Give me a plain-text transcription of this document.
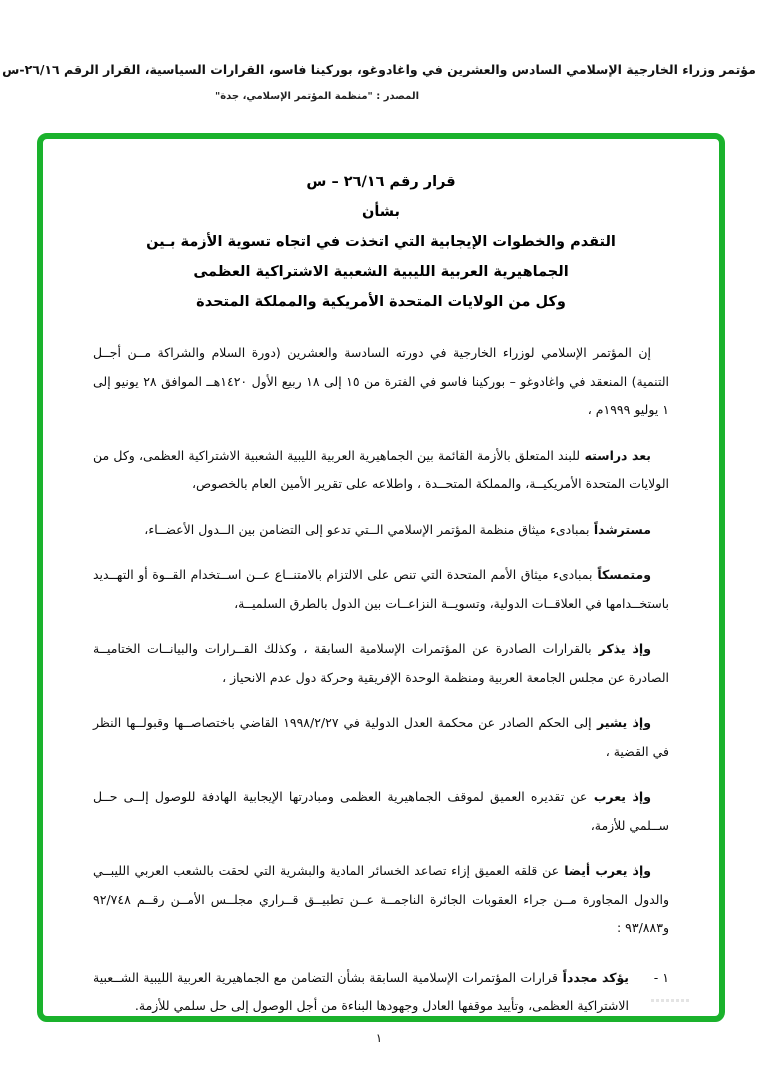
مؤتمر وزراء الخارجية الإسلامي السادس والعشرين في واغادوغو، بوركينا فاسو، القرارات السياسية، القرار الرقم ٢٦/١٦-س
المصدر : "منظمة المؤتمر الإسلامي، جدة"
قرار رقم ٢٦/١٦ – س
بشأن
التقدم والخطوات الإيجابية التي اتخذت في اتجاه تسوية الأزمة بـين
الجماهيرية العربية الليبية الشعبية الاشتراكية العظمى
وكل من الولايات المتحدة الأمريكية والمملكة المتحدة

إن المؤتمر الإسلامي لوزراء الخارجية في دورته السادسة والعشرين (دورة السلام والشراكة مــن أجــل التنمية) المنعقد في واغادوغو – بوركينا فاسو في الفترة من ١٥ إلى ١٨ ربيع الأول ١٤٢٠هــ الموافق ٢٨ يونيو إلى ١ يوليو ١٩٩٩م ،

بعد دراستهللبند المتعلق بالأزمة القائمة بين الجماهيرية العربية الليبية الشعبية الاشتراكية العظمى، وكل من الولايات المتحدة الأمريكيــة، والمملكة المتحــدة ، واطلاعه على تقرير الأمين العام بالخصوص،

مسترشداًبمبادىء ميثاق منظمة المؤتمر الإسلامي الــتي تدعو إلى التضامن بين الــدول الأعضــاء،

ومتمسكاًبمبادىء ميثاق الأمم المتحدة التي تنص على الالتزام بالامتنــاع عــن اســتخدام القــوة أو التهــديد باستخــدامها في العلاقــات الدولية، وتسويــة النزاعــات بين الدول بالطرق السلميــة،

وإذ يذكربالقرارات الصادرة عن المؤتمرات الإسلامية السابقة ، وكذلك القــرارات والبيانــات الختاميــة الصادرة عن مجلس الجامعة العربية ومنظمة الوحدة الإفريقية وحركة دول عدم الانحياز ،

وإذ يشيرإلى الحكم الصادر عن محكمة العدل الدولية في ١٩٩٨/٢/٢٧ القاضي باختصاصــها وقبولــها النظر في القضية ،

وإذ يعربعن تقديره العميق لموقف الجماهيرية العظمى ومبادرتها الإيجابية الهادفة للوصول إلــى حــل ســلمي للأزمة،

وإذ يعرب أيضاعن قلقه العميق إزاء تصاعد الخسائر المادية والبشرية التي لحقت بالشعب العربي الليبــي والدول المجاورة مــن جراء العقوبات الجائرة الناجمــة عــن تطبيــق قــراري مجلــس الأمــن رقــم ٩٢/٧٤٨ و٩٣/٨٨٣ :

١ -
يؤكد مجدداًقرارات المؤتمرات الإسلامية السابقة بشأن التضامن مع الجماهيرية العربية الليبية الشــعبية الاشتراكية العظمى، وتأييد موقفها العادل وجهودها البناءة من أجل الوصول إلى حل سلمي للأزمة.
١
